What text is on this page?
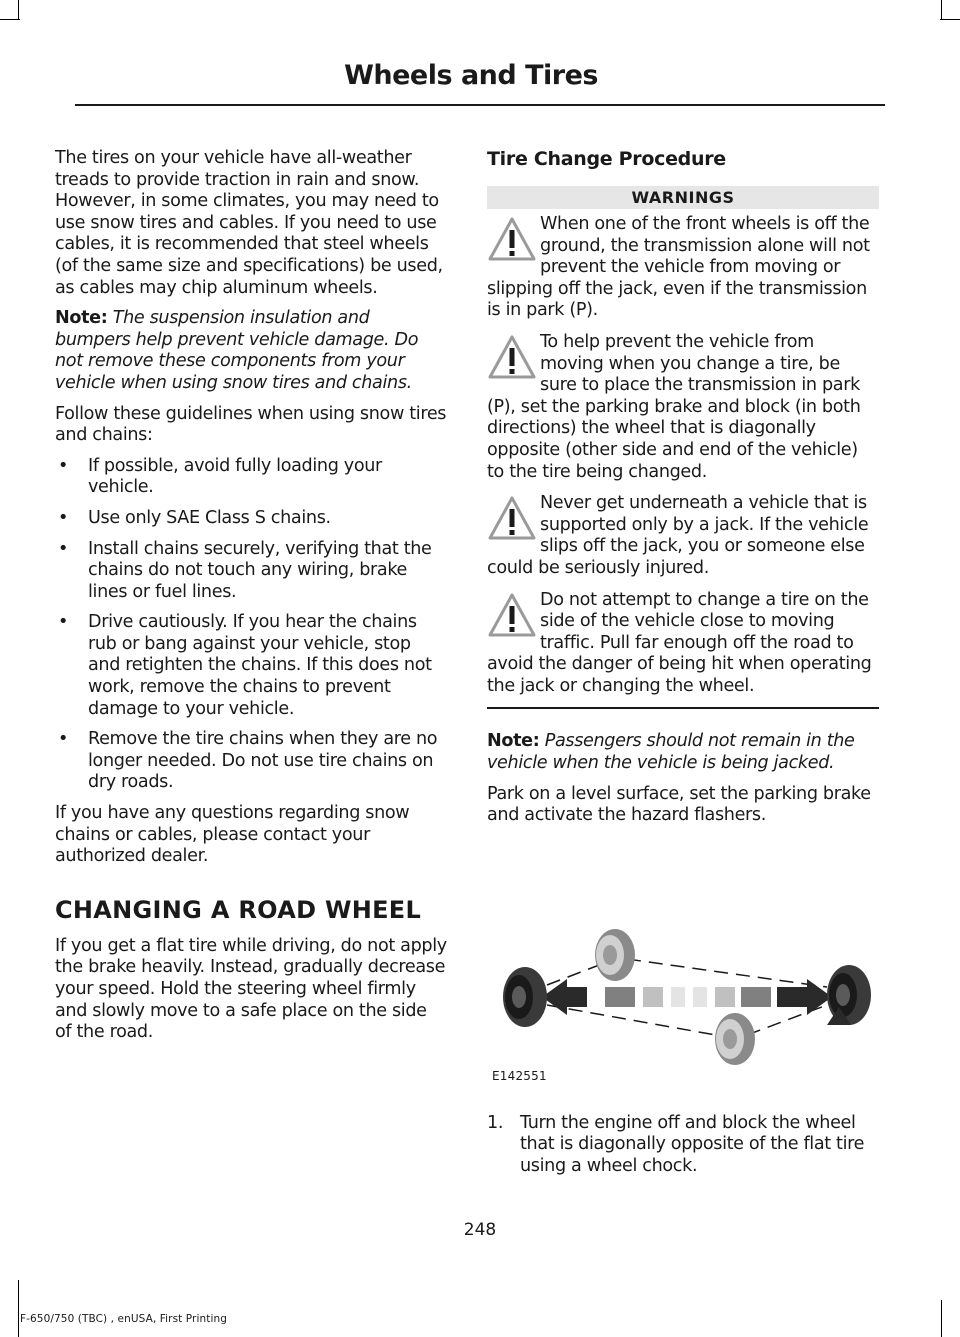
Wheels and Tires

The tires on your vehicle have all-weather treads to provide traction in rain and snow. However, in some climates, you may need to use snow tires and cables. If you need to use cables, it is recommended that steel wheels (of the same size and specifications) be used, as cables may chip aluminum wheels.

Note: The suspension insulation and bumpers help prevent vehicle damage. Do not remove these components from your vehicle when using snow tires and chains.

Follow these guidelines when using snow tires and chains:

• If possible, avoid fully loading your vehicle.
• Use only SAE Class S chains.
• Install chains securely, verifying that the chains do not touch any wiring, brake lines or fuel lines.
• Drive cautiously. If you hear the chains rub or bang against your vehicle, stop and retighten the chains. If this does not work, remove the chains to prevent damage to your vehicle.
• Remove the tire chains when they are no longer needed. Do not use tire chains on dry roads.

If you have any questions regarding snow chains or cables, please contact your authorized dealer.

CHANGING A ROAD WHEEL

If you get a flat tire while driving, do not apply the brake heavily. Instead, gradually decrease your speed. Hold the steering wheel firmly and slowly move to a safe place on the side of the road.

Tire Change Procedure
WARNINGS
When one of the front wheels is off the ground, the transmission alone will not prevent the vehicle from moving or slipping off the jack, even if the transmission is in park (P).
To help prevent the vehicle from moving when you change a tire, be sure to place the transmission in park (P), set the parking brake and block (in both directions) the wheel that is diagonally opposite (other side and end of the vehicle) to the tire being changed.
Never get underneath a vehicle that is supported only by a jack. If the vehicle slips off the jack, you or someone else could be seriously injured.
Do not attempt to change a tire on the side of the vehicle close to moving traffic. Pull far enough off the road to avoid the danger of being hit when operating the jack or changing the wheel.

Note: Passengers should not remain in the vehicle when the vehicle is being jacked.

Park on a level surface, set the parking brake and activate the hazard flashers.

E142551
1. Turn the engine off and block the wheel that is diagonally opposite of the flat tire using a wheel chock.
248
F-650/750 (TBC) , enUSA, First Printing
